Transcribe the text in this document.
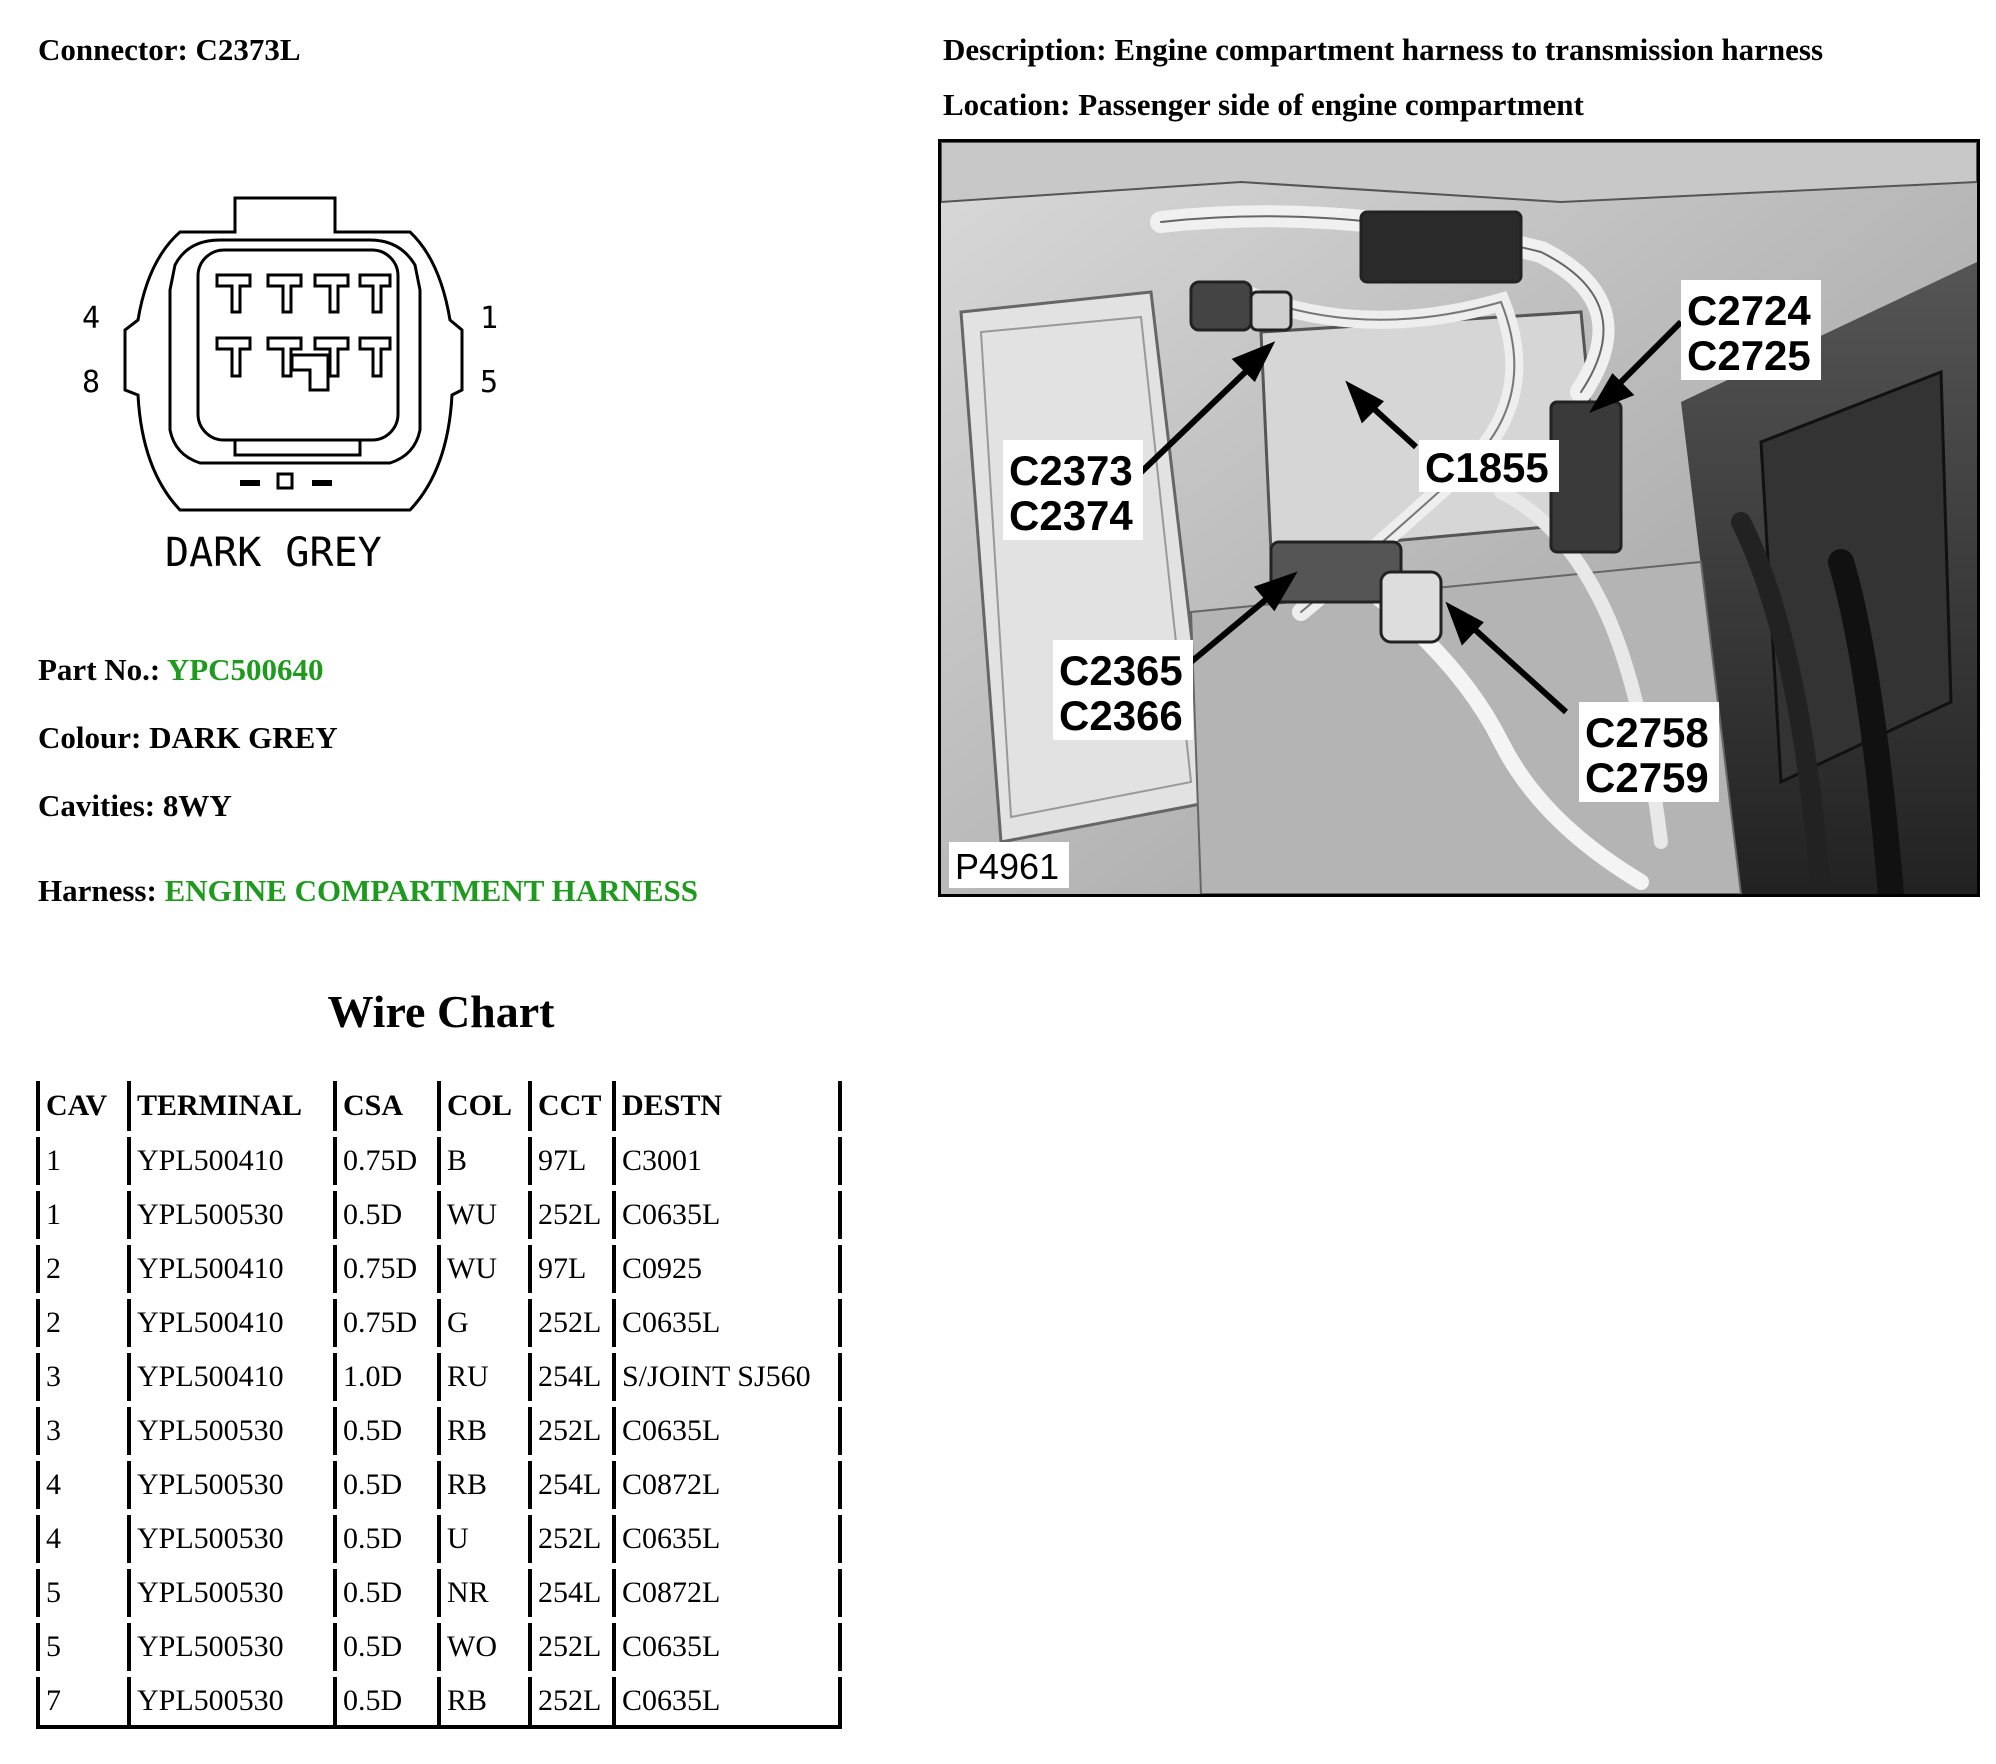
Connector: C2373L	Description: Engine compartment harness to transmission harness
Location: Passenger side of engine compartment
4
8
1
5
DARK GREY
Part No.: YPC500640
Colour: DARK GREY
Cavities: 8WY
Harness: ENGINE COMPARTMENT HARNESS
C2724
C2725
C2373
C2374
C1855
C2365
C2366	C2758
C2759
P4961
Wire Chart
CAV	TERMINAL	CSA	COL	CCT	DESTN
1	YPL500410	0.75D	B	97L	C3001
1	YPL500530	0.5D	WU	252L	C0635L
2	YPL500410	0.75D	WU	97L	C0925
2	YPL500410	0.75D	G	252L	C0635L
3	YPL500410	1.0D	RU	254L	S/JOINT SJ560
3	YPL500530	0.5D	RB	252L	C0635L
4	YPL500530	0.5D	RB	254L	C0872L
4	YPL500530	0.5D	U	252L	C0635L
5	YPL500530	0.5D	NR	254L	C0872L
5	YPL500530	0.5D	WO	252L	C0635L
7	YPL500530	0.5D	RB	252L	C0635L
